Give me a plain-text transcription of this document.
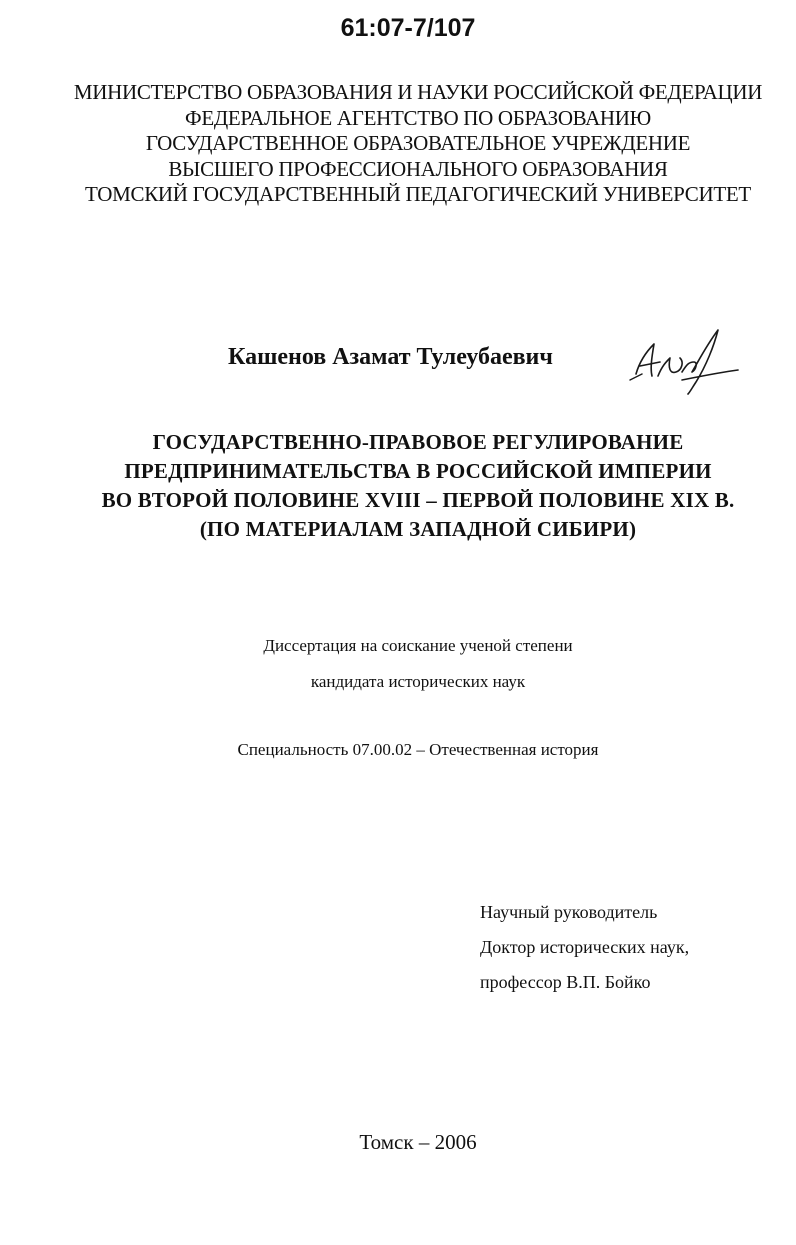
61:07-7/107
МИНИСТЕРСТВО ОБРАЗОВАНИЯ И НАУКИ РОССИЙСКОЙ ФЕДЕРАЦИИ
ФЕДЕРАЛЬНОЕ АГЕНТСТВО ПО ОБРАЗОВАНИЮ
ГОСУДАРСТВЕННОЕ ОБРАЗОВАТЕЛЬНОЕ УЧРЕЖДЕНИЕ
ВЫСШЕГО ПРОФЕССИОНАЛЬНОГО ОБРАЗОВАНИЯ
ТОМСКИЙ ГОСУДАРСТВЕННЫЙ ПЕДАГОГИЧЕСКИЙ УНИВЕРСИТЕТ
Кашенов Азамат Тулеубаевич
ГОСУДАРСТВЕННО-ПРАВОВОЕ РЕГУЛИРОВАНИЕ
ПРЕДПРИНИМАТЕЛЬСТВА В РОССИЙСКОЙ ИМПЕРИИ
ВО ВТОРОЙ ПОЛОВИНЕ XVIII – ПЕРВОЙ ПОЛОВИНЕ XIX В.
(ПО МАТЕРИАЛАМ ЗАПАДНОЙ СИБИРИ)
Диссертация на соискание ученой степени
кандидата исторических наук
Специальность 07.00.02 – Отечественная история
Научный руководитель
Доктор исторических наук,
профессор В.П. Бойко
Томск – 2006
